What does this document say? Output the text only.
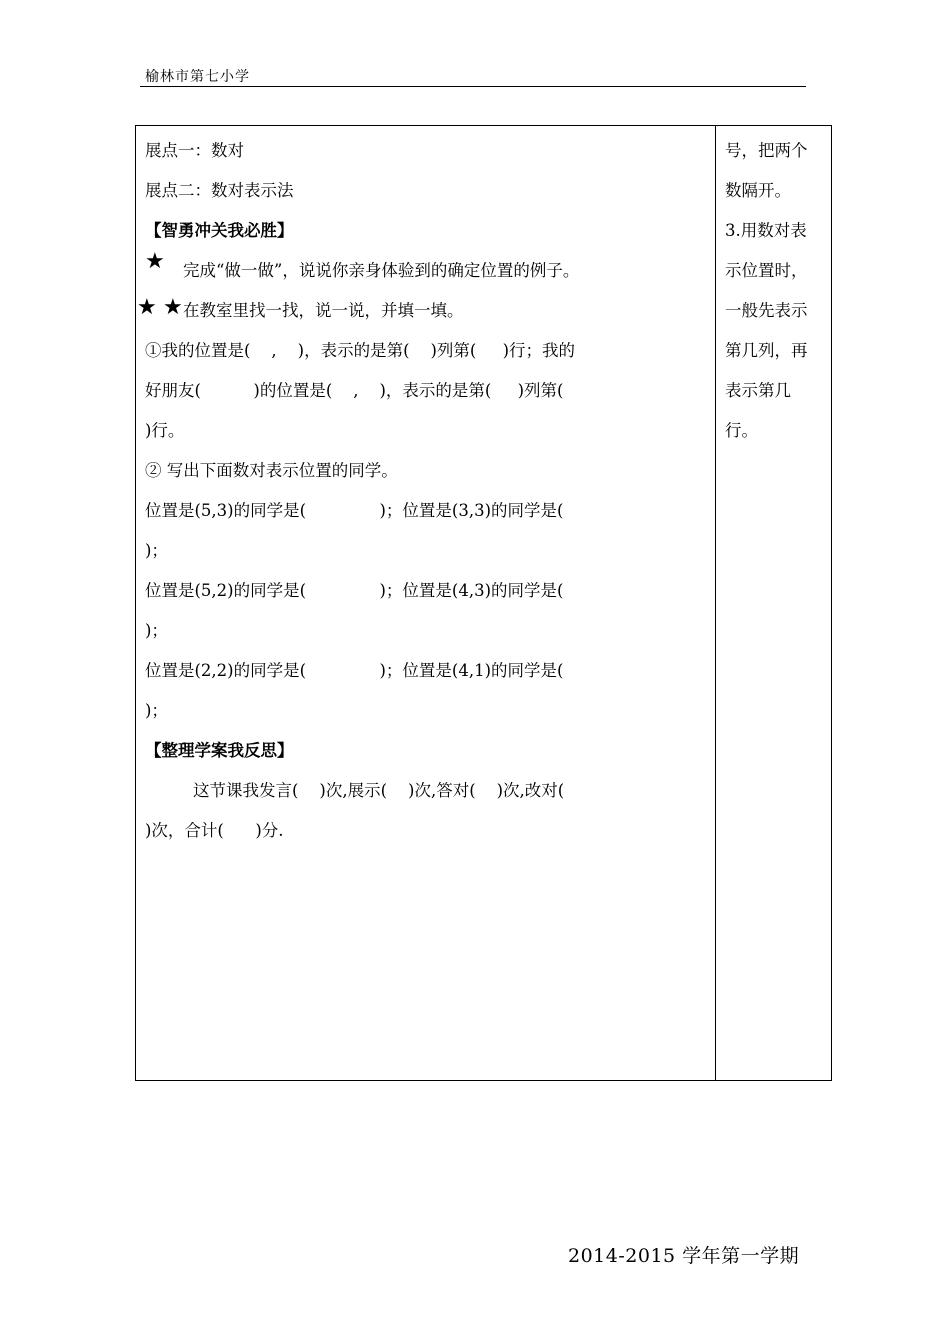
榆林市第七小学
展点一：数对
展点二：数对表示法
【智勇冲关我必胜】
★ 完成“做一做”，说说你亲身体验到的确定位置的例子。
★ ★ 在教室里找一找，说一说，并填一填。
①我的位置是(    ,    )，表示的是第(    )列第(     )行；我的
好朋友(          )的位置是(    ,    )，表示的是第(     )列第(
)行。
② 写出下面数对表示位置的同学。
位置是(5,3)的同学是(              )；位置是(3,3)的同学是(
)；
位置是(5,2)的同学是(              )；位置是(4,3)的同学是(
)；
位置是(2,2)的同学是(              )；位置是(4,1)的同学是(
)；
【整理学案我反思】
这节课我发言(    )次,展示(    )次,答对(    )次,改对(
)次，合计(      )分.
号，把两个
数隔开。
3.用数对表
示位置时，
一般先表示
第几列，再
表示第几
行。
2014-2015 学年第一学期
